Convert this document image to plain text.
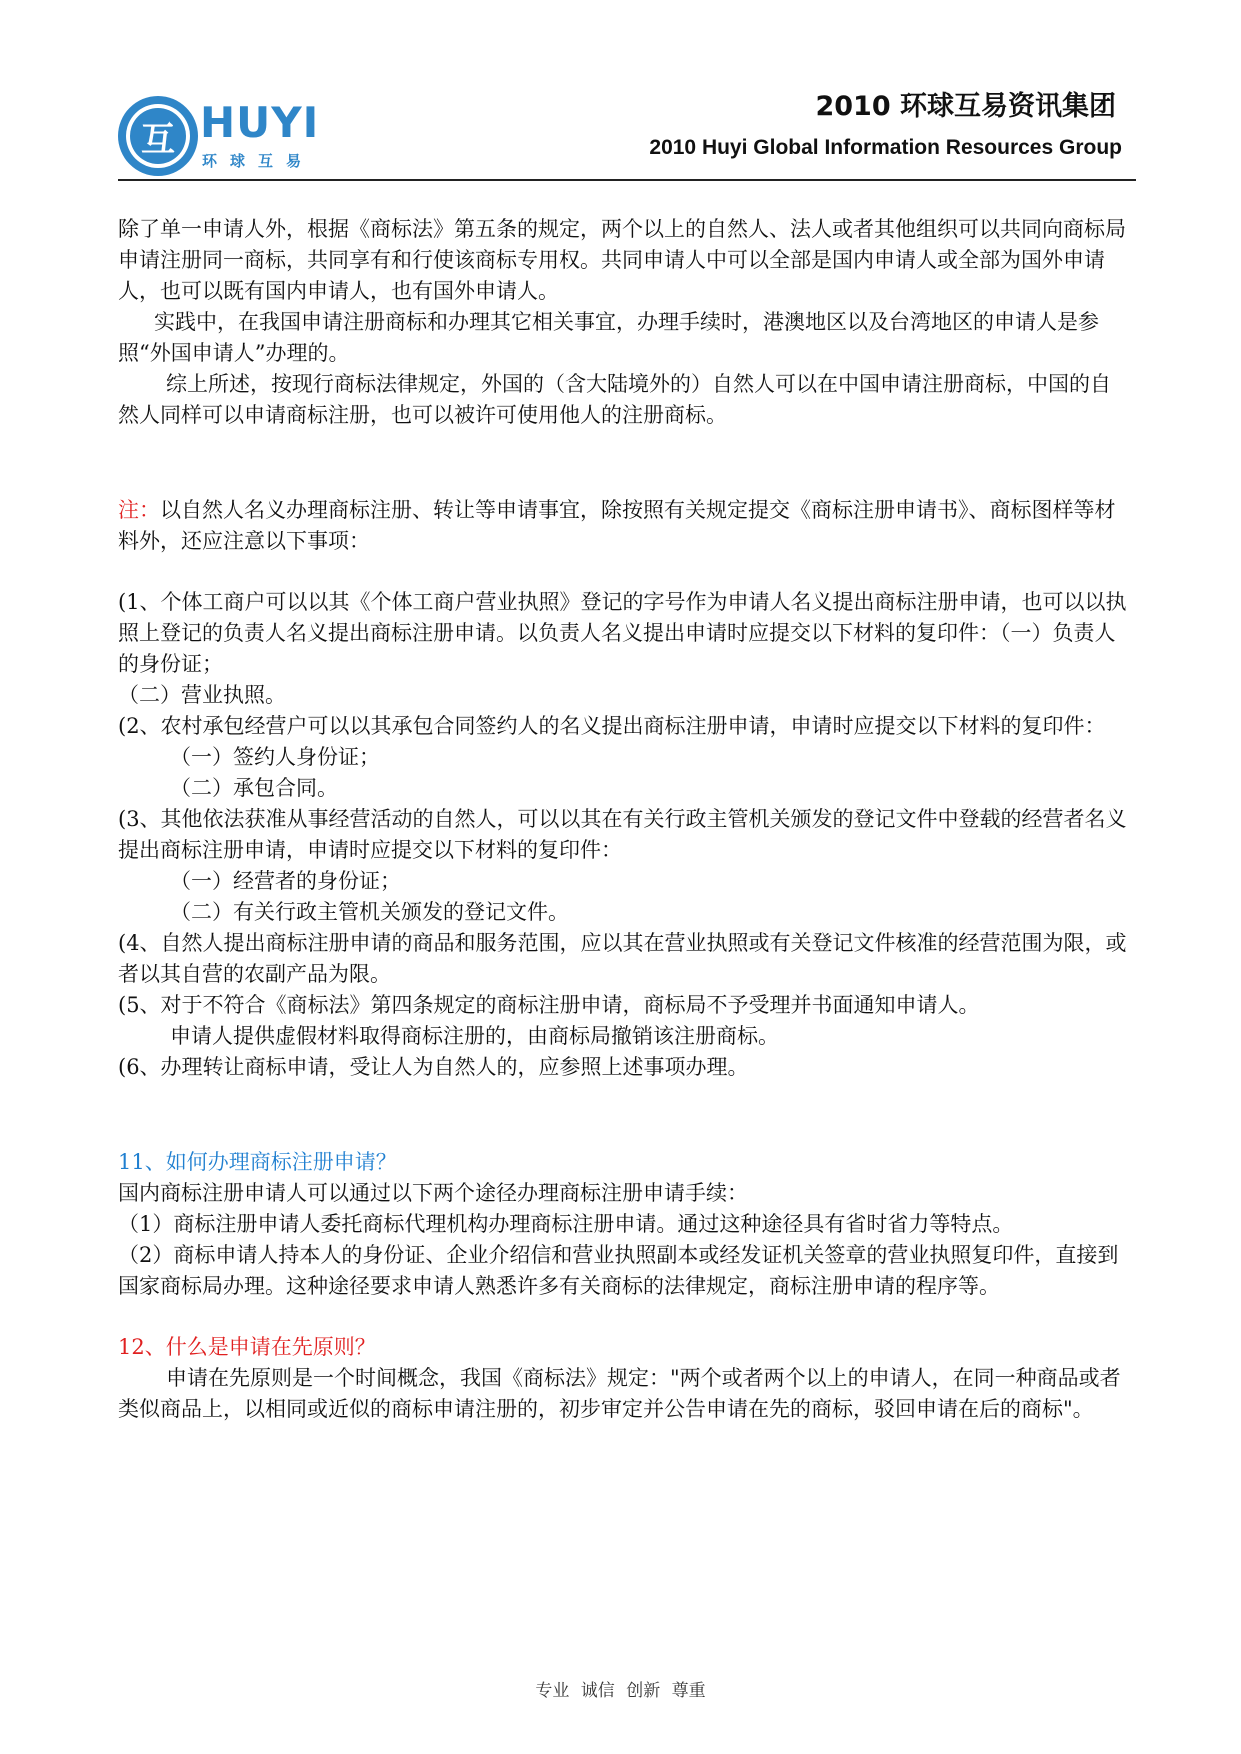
互 HUYI
环球互易
2010 环球互易资讯集团
2010 Huyi Global Information Resources Group

除了单一申请人外，根据《商标法》第五条的规定，两个以上的自然人、法人或者其他组织可以共同向商标局申请注册同一商标，共同享有和行使该商标专用权。共同申请人中可以全部是国内申请人或全部为国外申请人，也可以既有国内申请人，也有国外申请人。

实践中，在我国申请注册商标和办理其它相关事宜，办理手续时，港澳地区以及台湾地区的申请人是参照“外国申请人”办理的。

综上所述，按现行商标法律规定，外国的（含大陆境外的）自然人可以在中国申请注册商标，中国的自然人同样可以申请商标注册，也可以被许可使用他人的注册商标。

注：以自然人名义办理商标注册、转让等申请事宜，除按照有关规定提交《商标注册申请书》、商标图样等材料外，还应注意以下事项：

(1、个体工商户可以以其《个体工商户营业执照》登记的字号作为申请人名义提出商标注册申请，也可以以执照上登记的负责人名义提出商标注册申请。以负责人名义提出申请时应提交以下材料的复印件：（一）负责人的身份证；

（二）营业执照。

(2、农村承包经营户可以以其承包合同签约人的名义提出商标注册申请，申请时应提交以下材料的复印件：

（一）签约人身份证；

（二）承包合同。

(3、其他依法获准从事经营活动的自然人，可以以其在有关行政主管机关颁发的登记文件中登载的经营者名义提出商标注册申请，申请时应提交以下材料的复印件：

（一）经营者的身份证；

（二）有关行政主管机关颁发的登记文件。

(4、自然人提出商标注册申请的商品和服务范围，应以其在营业执照或有关登记文件核准的经营范围为限，或者以其自营的农副产品为限。

(5、对于不符合《商标法》第四条规定的商标注册申请，商标局不予受理并书面通知申请人。

申请人提供虚假材料取得商标注册的，由商标局撤销该注册商标。

(6、办理转让商标申请，受让人为自然人的，应参照上述事项办理。

11、如何办理商标注册申请？

国内商标注册申请人可以通过以下两个途径办理商标注册申请手续：

（1）商标注册申请人委托商标代理机构办理商标注册申请。通过这种途径具有省时省力等特点。

（2）商标申请人持本人的身份证、企业介绍信和营业执照副本或经发证机关签章的营业执照复印件，直接到国家商标局办理。这种途径要求申请人熟悉许多有关商标的法律规定，商标注册申请的程序等。

12、什么是申请在先原则？

申请在先原则是一个时间概念，我国《商标法》规定："两个或者两个以上的申请人，在同一种商品或者类似商品上，以相同或近似的商标申请注册的，初步审定并公告申请在先的商标，驳回申请在后的商标"。

专业 诚信 创新 尊重
